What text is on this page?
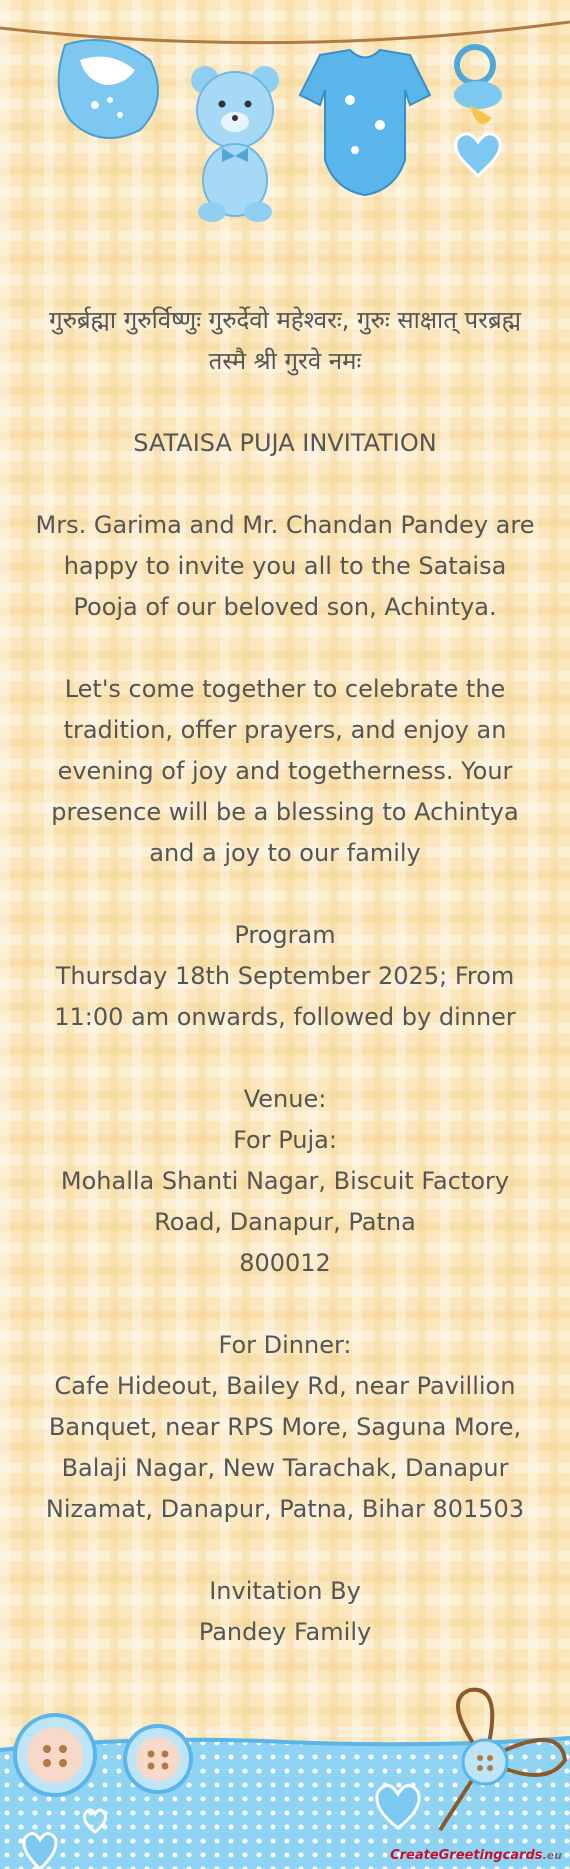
गुरुर्ब्रह्मा गुरुर्विष्णुः गुरुर्देवो महेश्वरः, गुरुः साक्षात् परब्रह्म तस्मै श्री गुरवे नमः

SATAISA PUJA INVITATION

Mrs. Garima and Mr. Chandan Pandey are happy to invite you all to the Sataisa Pooja of our beloved son, Achintya.

Let's come together to celebrate the tradition, offer prayers, and enjoy an evening of joy and togetherness. Your presence will be a blessing to Achintya and a joy to our family

Program

Thursday 18th September 2025; From 11:00 am onwards, followed by dinner

Venue:

For Puja:

Mohalla Shanti Nagar, Biscuit Factory Road, Danapur, Patna

800012

For Dinner:

Cafe Hideout, Bailey Rd, near Pavillion Banquet, near RPS More, Saguna More, Balaji Nagar, New Tarachak, Danapur Nizamat, Danapur, Patna, Bihar 801503

Invitation By

Pandey Family

CreateGreetingcards.eu
